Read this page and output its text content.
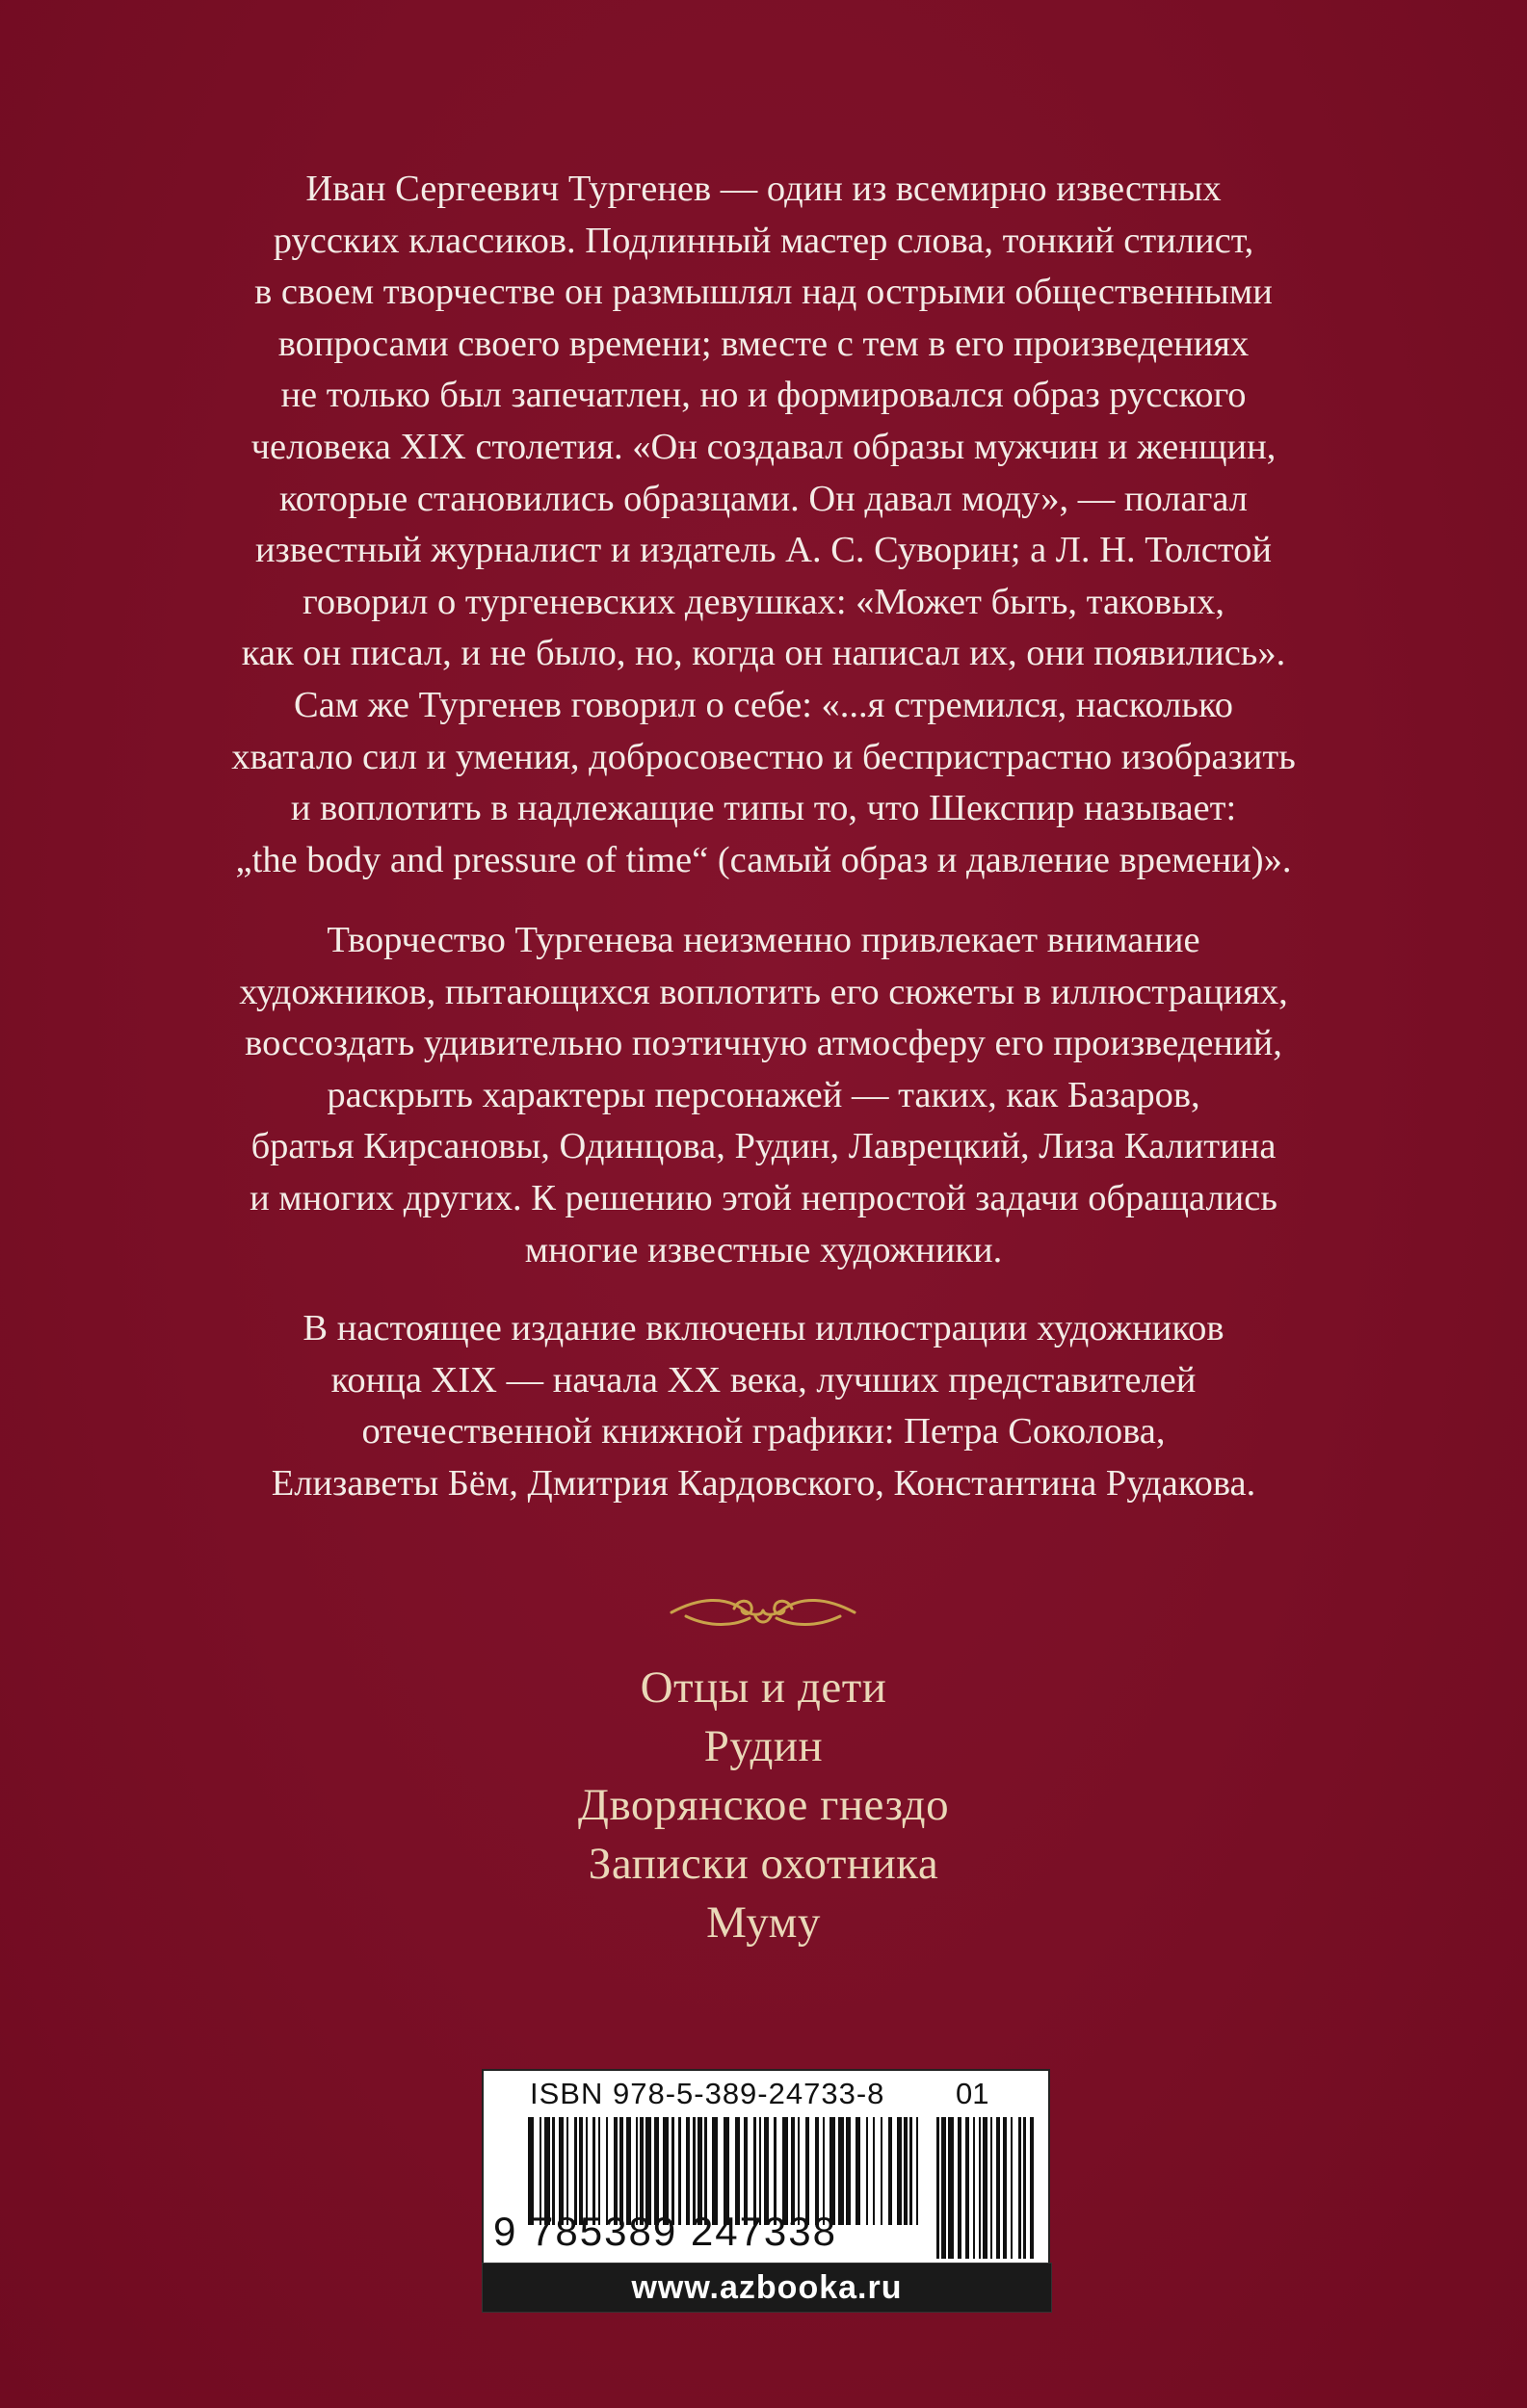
Иван Сергеевич Тургенев — один из всемирно известных
русских классиков. Подлинный мастер слова, тонкий стилист,
в своем творчестве он размышлял над острыми общественными
вопросами своего времени; вместе с тем в его произведениях
не только был запечатлен, но и формировался образ русского
человека XIX столетия. «Он создавал образы мужчин и женщин,
которые становились образцами. Он давал моду», — полагал
известный журналист и издатель А. С. Суворин; а Л. Н. Толстой
говорил о тургеневских девушках: «Может быть, таковых,
как он писал, и не было, но, когда он написал их, они появились».
Сам же Тургенев говорил о себе: «...я стремился, насколько
хватало сил и умения, добросовестно и беспристрастно изобразить
и воплотить в надлежащие типы то, что Шекспир называет:
„the body and pressure of time“ (самый образ и давление времени)».
Творчество Тургенева неизменно привлекает внимание
художников, пытающихся воплотить его сюжеты в иллюстрациях,
воссоздать удивительно поэтичную атмосферу его произведений,
раскрыть характеры персонажей — таких, как Базаров,
братья Кирсановы, Одинцова, Рудин, Лаврецкий, Лиза Калитина
и многих других. К решению этой непростой задачи обращались
многие известные художники.
В настоящее издание включены иллюстрации художников
конца XIX — начала XX века, лучших представителей
отечественной книжной графики: Петра Соколова,
Елизаветы Бём, Дмитрия Кардовского, Константина Рудакова.
Отцы и дети
Рудин
Дворянское гнездо
Записки охотника
Муму
ISBN 978-5-389-24733-8 01
9 785389 247338
www.azbooka.ru
